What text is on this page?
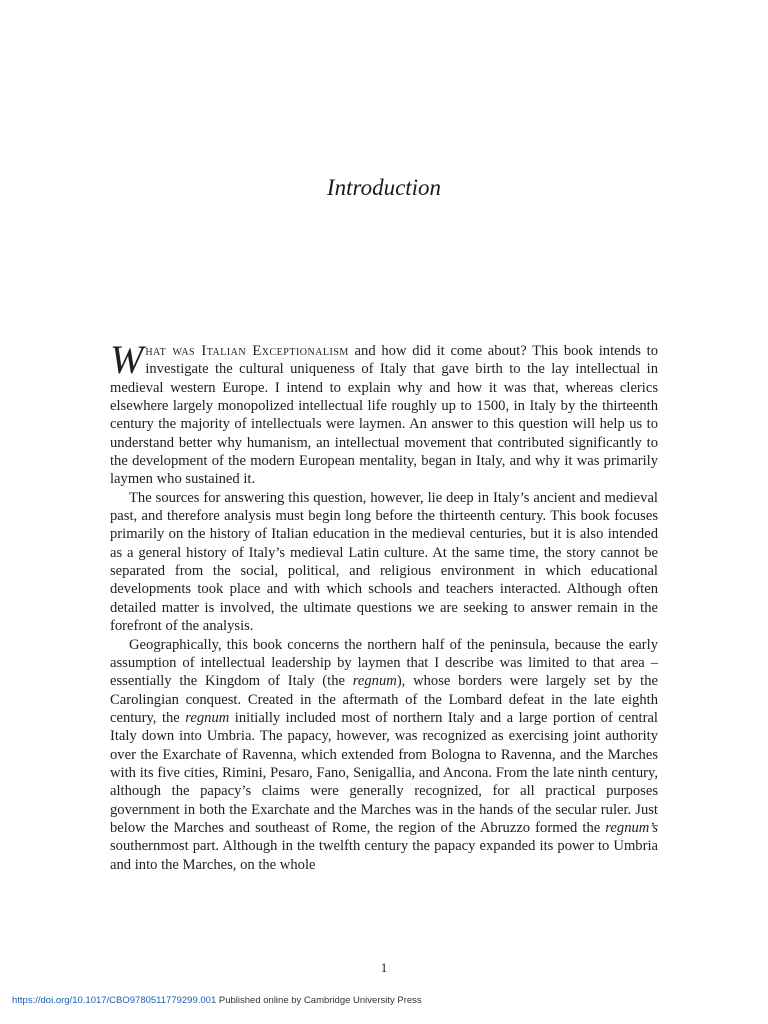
Introduction

What was Italian Exceptionalism and how did it come about? This book intends to investigate the cultural uniqueness of Italy that gave birth to the lay intellectual in medieval western Europe. I intend to explain why and how it was that, whereas clerics elsewhere largely monopolized intellectual life roughly up to 1500, in Italy by the thirteenth century the majority of intellectuals were laymen. An answer to this question will help us to understand better why humanism, an intellectual movement that contributed significantly to the development of the modern European mentality, began in Italy, and why it was primarily laymen who sustained it.

The sources for answering this question, however, lie deep in Italy’s ancient and medieval past, and therefore analysis must begin long before the thirteenth century. This book focuses primarily on the history of Italian education in the medieval centuries, but it is also intended as a general history of Italy’s medieval Latin culture. At the same time, the story cannot be separated from the social, political, and religious environment in which educational developments took place and with which schools and teachers interacted. Although often detailed matter is involved, the ultimate questions we are seeking to answer remain in the forefront of the analysis.

Geographically, this book concerns the northern half of the peninsula, because the early assumption of intellectual leadership by laymen that I describe was limited to that area – essentially the Kingdom of Italy (the regnum), whose borders were largely set by the Carolingian conquest. Created in the aftermath of the Lombard defeat in the late eighth century, the regnum initially included most of northern Italy and a large portion of central Italy down into Umbria. The papacy, however, was recognized as exercising joint authority over the Exarchate of Ravenna, which extended from Bologna to Ravenna, and the Marches with its five cities, Rimini, Pesaro, Fano, Senigallia, and Ancona. From the late ninth century, although the papacy’s claims were generally recognized, for all practical purposes government in both the Exarchate and the Marches was in the hands of the secular ruler. Just below the Marches and southeast of Rome, the region of the Abruzzo formed the regnum’s southernmost part. Although in the twelfth century the papacy expanded its power to Umbria and into the Marches, on the whole

1
https://doi.org/10.1017/CBO9780511779299.001 Published online by Cambridge University Press
